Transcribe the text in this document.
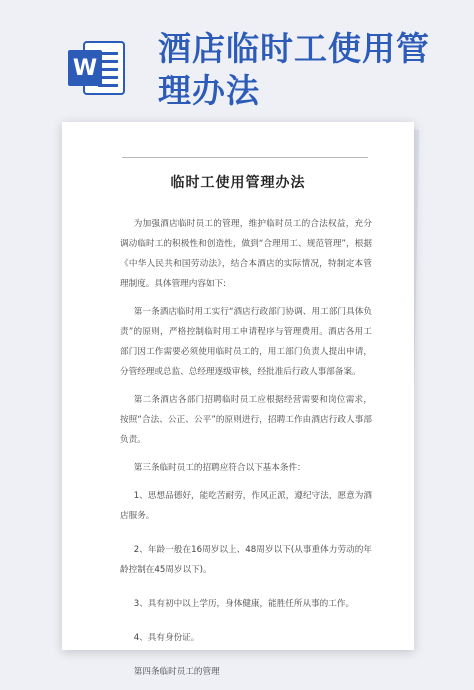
W
酒店临时工使用管
理办法
临时工使用管理办法

为加强酒店临时员工的管理，维护临时员工的合法权益，充分调动临时工的积极性和创造性，做到“合理用工、规范管理”，根据《中华人民共和国劳动法》，结合本酒店的实际情况，特制定本管理制度。具体管理内容如下:

第一条酒店临时用工实行“酒店行政部门协调、用工部门具体负责”的原则，严格控制临时用工申请程序与管理费用。酒店各用工部门因工作需要必须使用临时员工的，用工部门负责人提出申请，分管经理或总监、总经理逐级审核，经批准后行政人事部备案。

第二条酒店各部门招聘临时员工应根据经营需要和岗位需求，按照“合法、公正、公平”的原则进行，招聘工作由酒店行政人事部负责。

第三条临时员工的招聘应符合以下基本条件：

1、思想品德好，能吃苦耐劳，作风正派，遵纪守法，愿意为酒店服务。

2、年龄一般在16周岁以上、48周岁以下(从事重体力劳动的年龄控制在45周岁以下)。

3、具有初中以上学历，身体健康，能胜任所从事的工作。

4、具有身份证。

第四条临时员工的管理
